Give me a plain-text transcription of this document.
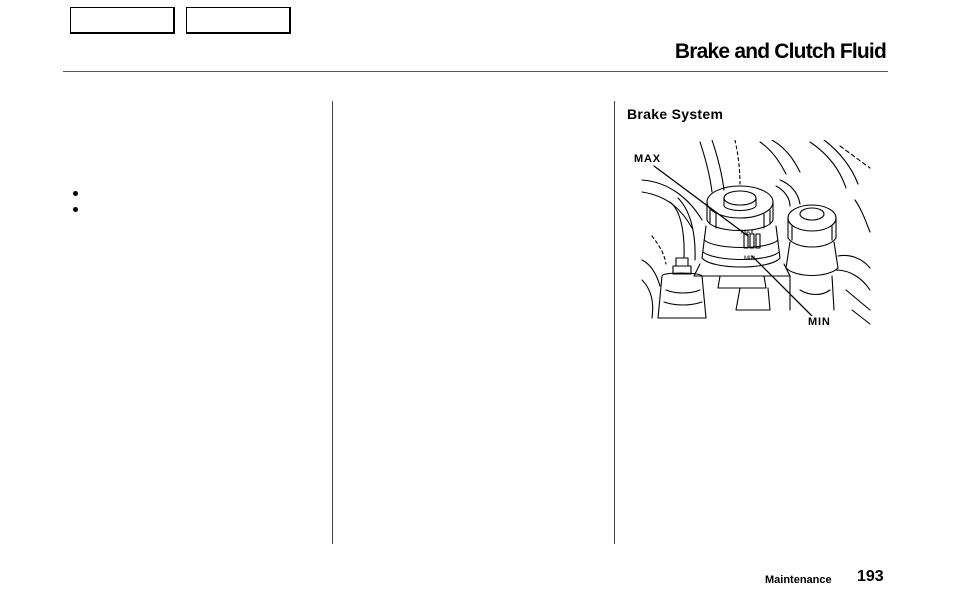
Brake and Clutch Fluid

Brake System

MAX
MIN
MAX
MIN
Maintenance 193
